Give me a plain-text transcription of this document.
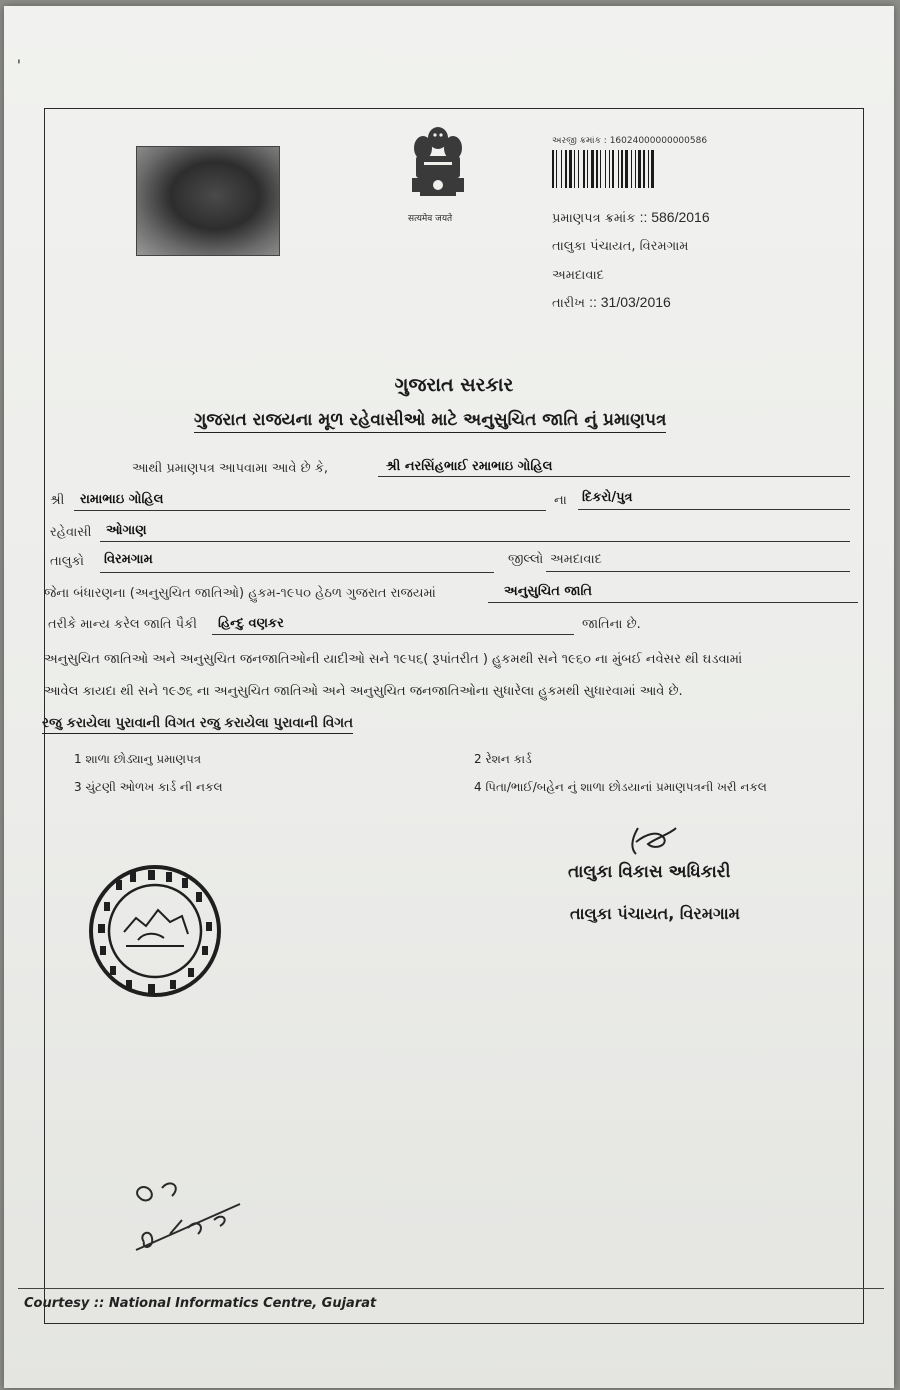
'
सत्यमेव जयते
અરજી ક્રમાંક : 16024000000000586
પ્રમાણપત્ર ક્રમાંક :: 586/2016
તાલુકા પંચાયત, વિરમગામ
અમદાવાદ
તારીખ :: 31/03/2016
ગુજરાત સરકાર
ગુજરાત રાજયના મૂળ રહેવાસીઓ માટે અનુસુચિત જાતિ નું પ્રમાણપત્ર
આથી પ્રમાણપત્ર આપવામા આવે છે કે,	શ્રી નરસિંહભાઈ રમાભાઇ ગોહિલ
શ્રી રામાભાઇ ગોહિલ	ના દિકરો/પુત્ર
રહેવાસી ઓગાણ
તાલુકો વિરમગામ	જીલ્લો અમદાવાદ
જેના બંધારણના (અનુસુચિત જાતિઓ) હુકમ-૧૯૫૦ હેઠળ ગુજરાત રાજયમાં	અનુસુચિત જાતિ
તરીકે માન્ય કરેલ જાતિ પૈકી હિન્દુ વણકર	જાતિના છે.
અનુસુચિત જાતિઓ અને અનુસુચિત જનજાતિઓની યાદીઓ સને ૧૯૫૬( રૂપાંતરીત ) હુકમથી સને ૧૯૬૦ ના મુંબઈ નવેસર થી ઘડવામાં
આવેલ કાયદા થી સને ૧૯૭૬ ના અનુસુચિત જાતિઓ અને અનુસુચિત જનજાતિઓના સુધારેલા હુકમથી સુધારવામાં આવે છે.
રજુ કરાયેલા પુરાવાની વિગત રજુ કરાયેલા પુરાવાની વિગત
1 શાળા છોડ્યાનુ પ્રમાણપત્ર	2 રેશન કાર્ડ
3 ચુંટણી ઓળખ કાર્ડ ની નકલ	4 પિતા/ભાઈ/બહેન નું શાળા છોડયાનાં પ્રમાણપત્રની ખરી નકલ
તાલુકા વિકાસ અધિકારી
તાલુકા પંચાયત, વિરમગામ
Courtesy :: National Informatics Centre, Gujarat
